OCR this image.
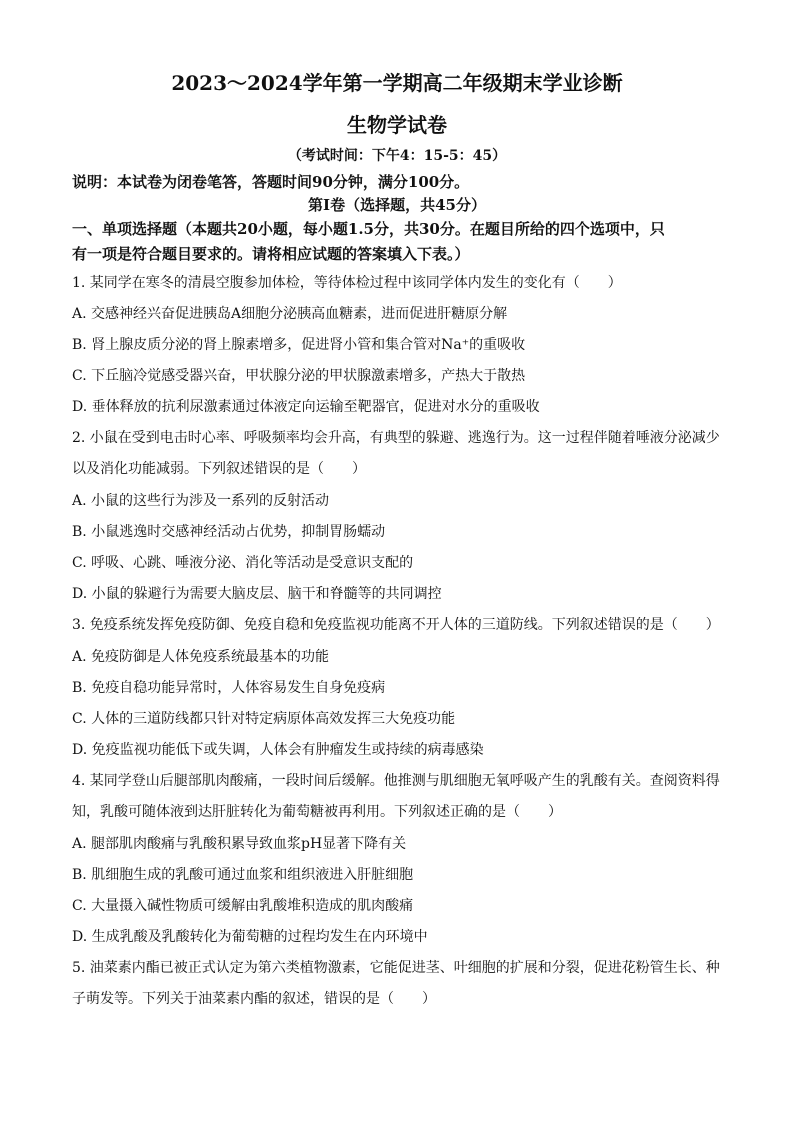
2023～2024学年第一学期高二年级期末学业诊断
生物学试卷
（考试时间：下午4：15-5：45）
说明：本试卷为闭卷笔答，答题时间90分钟，满分100分。
第Ⅰ卷（选择题，共45分）
一、单项选择题（本题共20小题，每小题1.5分，共30分。在题目所给的四个选项中，只
有一项是符合题目要求的。请将相应试题的答案填入下表。）
1. 某同学在寒冬的清晨空腹参加体检，等待体检过程中该同学体内发生的变化有（　　）
A. 交感神经兴奋促进胰岛A细胞分泌胰高血糖素，进而促进肝糖原分解
B. 肾上腺皮质分泌的肾上腺素增多，促进肾小管和集合管对Na⁺的重吸收
C. 下丘脑冷觉感受器兴奋，甲状腺分泌的甲状腺激素增多，产热大于散热
D. 垂体释放的抗利尿激素通过体液定向运输至靶器官，促进对水分的重吸收
2. 小鼠在受到电击时心率、呼吸频率均会升高，有典型的躲避、逃逸行为。这一过程伴随着唾液分泌减少
以及消化功能减弱。下列叙述错误的是（　　）
A. 小鼠的这些行为涉及一系列的反射活动
B. 小鼠逃逸时交感神经活动占优势，抑制胃肠蠕动
C. 呼吸、心跳、唾液分泌、消化等活动是受意识支配的
D. 小鼠的躲避行为需要大脑皮层、脑干和脊髓等的共同调控
3. 免疫系统发挥免疫防御、免疫自稳和免疫监视功能离不开人体的三道防线。下列叙述错误的是（　　）
A. 免疫防御是人体免疫系统最基本的功能
B. 免疫自稳功能异常时，人体容易发生自身免疫病
C. 人体的三道防线都只针对特定病原体高效发挥三大免疫功能
D. 免疫监视功能低下或失调，人体会有肿瘤发生或持续的病毒感染
4. 某同学登山后腿部肌肉酸痛，一段时间后缓解。他推测与肌细胞无氧呼吸产生的乳酸有关。查阅资料得
知，乳酸可随体液到达肝脏转化为葡萄糖被再利用。下列叙述正确的是（　　）
A. 腿部肌肉酸痛与乳酸积累导致血浆pH显著下降有关
B. 肌细胞生成的乳酸可通过血浆和组织液进入肝脏细胞
C. 大量摄入碱性物质可缓解由乳酸堆积造成的肌肉酸痛
D. 生成乳酸及乳酸转化为葡萄糖的过程均发生在内环境中
5. 油菜素内酯已被正式认定为第六类植物激素，它能促进茎、叶细胞的扩展和分裂，促进花粉管生长、种
子萌发等。下列关于油菜素内酯的叙述，错误的是（　　）
